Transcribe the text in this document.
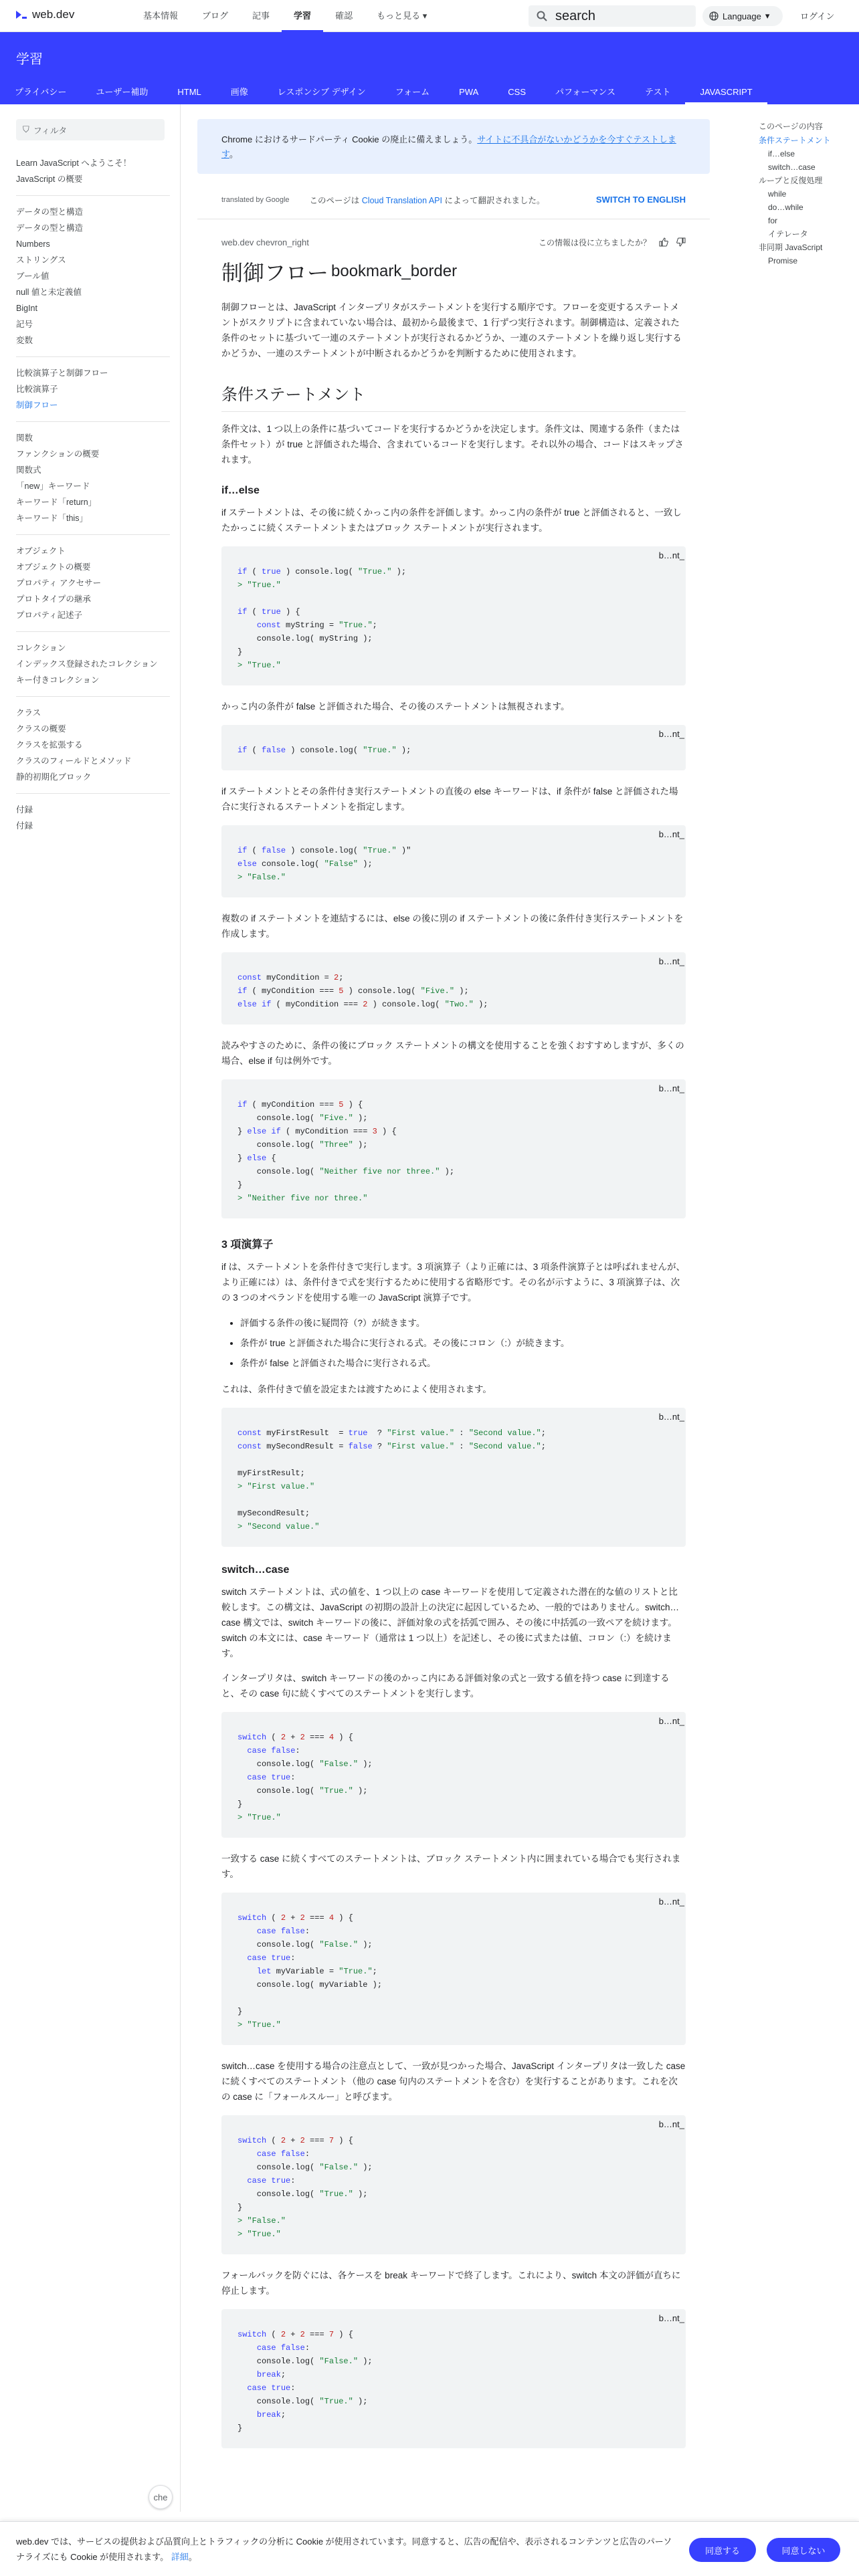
web.dev	基本情報	ブログ	記事	学習	確認	もっと見る ▾	search	Language ▾	ログイン
学習
プライバシー	ユーザー補助	HTML	画像	レスポンシブ デザイン	フォーム	PWA	CSS	パフォーマンス	テスト	JAVASCRIPT
⛉ フィルタ
Learn JavaScript へようこそ！
JavaScript の概要
データの型と構造
データの型と構造
Numbers
ストリングス
ブール値
null 値と未定義値
BigInt
記号
変数
比較演算子と制御フロー
比較演算子
制御フロー
関数
ファンクションの概要
関数式
「new」キーワード
キーワード「return」
キーワード「this」
オブジェクト
オブジェクトの概要
プロパティ アクセサー
プロトタイプの継承
プロパティ記述子
コレクション
インデックス登録されたコレクション
キー付きコレクション
クラス
クラスの概要
クラスを拡張する
クラスのフィールドとメソッド
静的初期化ブロック
付録
付録
Chrome におけるサードパーティ Cookie の廃止に備えましょう。サイトに不具合がないかどうかを今すぐテストします。
translated by Google このページは Cloud Translation API によって翻訳されました。	SWITCH TO ENGLISH
web.dev chevron_right	この情報は役に立ちましたか？
制御フロー bookmark_border

制御フローとは、JavaScript インタープリタがステートメントを実行する順序です。フローを変更するステートメントがスクリプトに含まれていない場合は、最初から最後まで、1 行ずつ実行されます。制御構造は、定義された条件のセットに基づいて一連のステートメントが実行されるかどうか、一連のステートメントを繰り返し実行するかどうか、一連のステートメントが中断されるかどうかを判断するために使用されます。

条件ステートメント

条件文は、1 つ以上の条件に基づいてコードを実行するかどうかを決定します。条件文は、関連する条件（または条件セット）が true と評価された場合、含まれているコードを実行します。それ以外の場合、コードはスキップされます。

if…else

if ステートメントは、その後に続くかっこ内の条件を評価します。かっこ内の条件が true と評価されると、一致したかっこに続くステートメントまたはブロック ステートメントが実行されます。

b…nt_
if ( true ) console.log( "True." );
> "True."

if ( true ) {
const myString = "True.";
console.log( myString );
}
> "True."

かっこ内の条件が false と評価された場合、その後のステートメントは無視されます。

b…nt_
if ( false ) console.log( "True." );

if ステートメントとその条件付き実行ステートメントの直後の else キーワードは、if 条件が false と評価された場合に実行されるステートメントを指定します。

b…nt_
if ( false ) console.log( "True." )"
else console.log( "False" );
> "False."

複数の if ステートメントを連結するには、else の後に別の if ステートメントの後に条件付き実行ステートメントを作成します。

b…nt_
const myCondition = 2;
if ( myCondition === 5 ) console.log( "Five." );
else if ( myCondition === 2 ) console.log( "Two." );

読みやすさのために、条件の後にブロック ステートメントの構文を使用することを強くおすすめしますが、多くの場合、else if 句は例外です。

b…nt_
if ( myCondition === 5 ) {
console.log( "Five." );
} else if ( myCondition === 3 ) {
console.log( "Three" );
} else {
console.log( "Neither five nor three." );
}
> "Neither five nor three."
3 項演算子

if は、ステートメントを条件付きで実行します。3 項演算子（より正確には、3 項条件演算子とは呼ばれませんが、より正確には）は、条件付きで式を実行するために使用する省略形です。その名が示すように、3 項演算子は、次の 3 つのオペランドを使用する唯一の JavaScript 演算子です。

• 評価する条件の後に疑問符（?）が続きます。
• 条件が true と評価された場合に実行される式。その後にコロン（:）が続きます。
• 条件が false と評価された場合に実行される式。

これは、条件付きで値を設定または渡すためによく使用されます。

b…nt_
const myFirstResult  = true  ? "First value." : "Second value.";
const mySecondResult = false ? "First value." : "Second value.";

myFirstResult;
> "First value."

mySecondResult;
> "Second value."
switch…case

switch ステートメントは、式の値を、1 つ以上の case キーワードを使用して定義された潜在的な値のリストと比較します。この構文は、JavaScript の初期の設計上の決定に起因しているため、一般的ではありません。switch…case 構文では、switch キーワードの後に、評価対象の式を括弧で囲み、その後に中括弧の一致ペアを続けます。switch の本文には、case キーワード（通常は 1 つ以上）を記述し、その後に式または値、コロン（:）を続けます。

インタープリタは、switch キーワードの後のかっこ内にある評価対象の式と一致する値を持つ case に到達すると、その case 句に続くすべてのステートメントを実行します。

b…nt_
switch ( 2 + 2 === 4 ) {
case false:
console.log( "False." );
case true:
console.log( "True." );
}
> "True."

一致する case に続くすべてのステートメントは、ブロック ステートメント内に囲まれている場合でも実行されます。

b…nt_
switch ( 2 + 2 === 4 ) {
case false:
console.log( "False." );
case true:
let myVariable = "True.";
console.log( myVariable );

}
> "True."

switch…case を使用する場合の注意点として、一致が見つかった場合、JavaScript インタープリタは一致した case に続くすべてのステートメント（他の case 句内のステートメントを含む）を実行することがあります。これを次の case に「フォールスルー」と呼びます。

b…nt_
switch ( 2 + 2 === 7 ) {
case false:
console.log( "False." );
case true:
console.log( "True." );
}
> "False."
> "True."

フォールバックを防ぐには、各ケースを break キーワードで終了します。これにより、switch 本文の評価が直ちに停止します。

b…nt_
switch ( 2 + 2 === 7 ) {
case false:
console.log( "False." );
break;
case true:
console.log( "True." );
break;
}
このページの内容
条件ステートメント
if…else
switch…case
ループと反復処理
while
do…while
for
イテレータ
非同期 JavaScript
Promise
che
web.dev では、サービスの提供および品質向上とトラフィックの分析に Cookie が使用されています。同意すると、広告の配信や、表示されるコンテンツと広告のパーソナライズにも Cookie が使用されます。 詳細。
同意する	同意しない
